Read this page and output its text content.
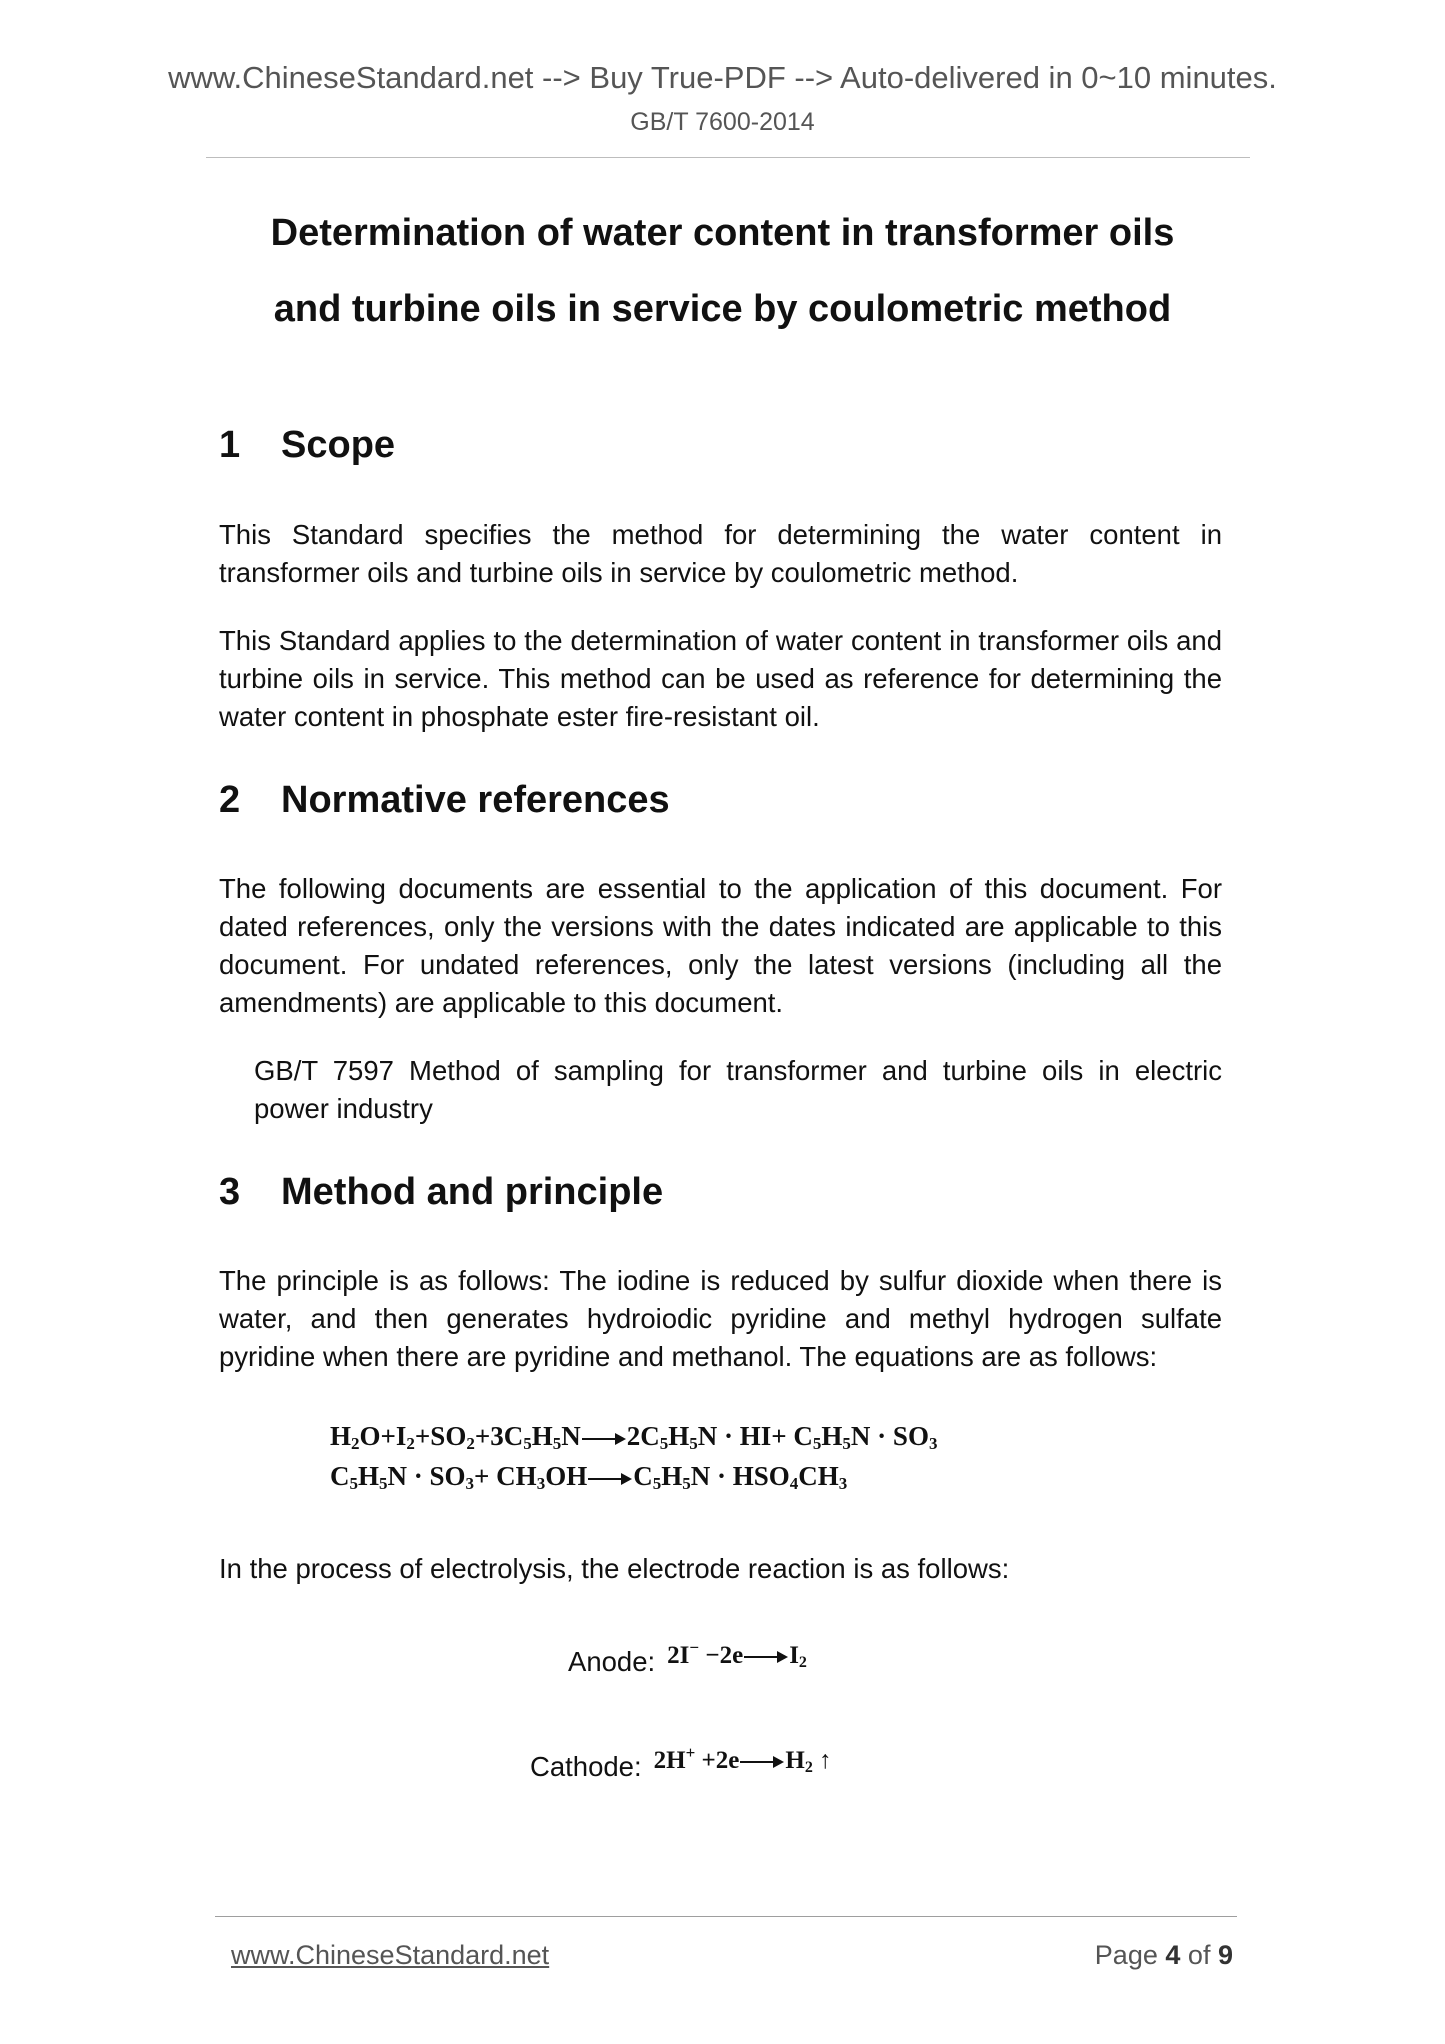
www.ChineseStandard.net --> Buy True-PDF --> Auto-delivered in 0~10 minutes.
GB/T 7600-2014
Determination of water content in transformer oils
and turbine oils in service by coulometric method
1 Scope
This Standard specifies the method for determining the water content in transformer oils and turbine oils in service by coulometric method.
This Standard applies to the determination of water content in transformer oils and turbine oils in service. This method can be used as reference for determining the water content in phosphate ester fire-resistant oil.
2 Normative references
The following documents are essential to the application of this document. For dated references, only the versions with the dates indicated are applicable to this document. For undated references, only the latest versions (including all the amendments) are applicable to this document.
GB/T 7597 Method of sampling for transformer and turbine oils in electric power industry
3 Method and principle
The principle is as follows: The iodine is reduced by sulfur dioxide when there is water, and then generates hydroiodic pyridine and methyl hydrogen sulfate pyridine when there are pyridine and methanol. The equations are as follows:
$H_2O+I_2+SO_2+3C_5H_5N$ $2C_5H_5N \cdot HI+ C_5H_5N \cdot SO_3$
$C_5H_5N \cdot SO_3+ CH_3OH$ $C_5H_5N \cdot HSO_4CH_3$
In the process of electrolysis, the electrode reaction is as follows:
Anode: 2I− −2e $I_2$
Cathode: 2H+ +2e $H_2$ ↑
www.ChineseStandard.net	Page 4 of 9
